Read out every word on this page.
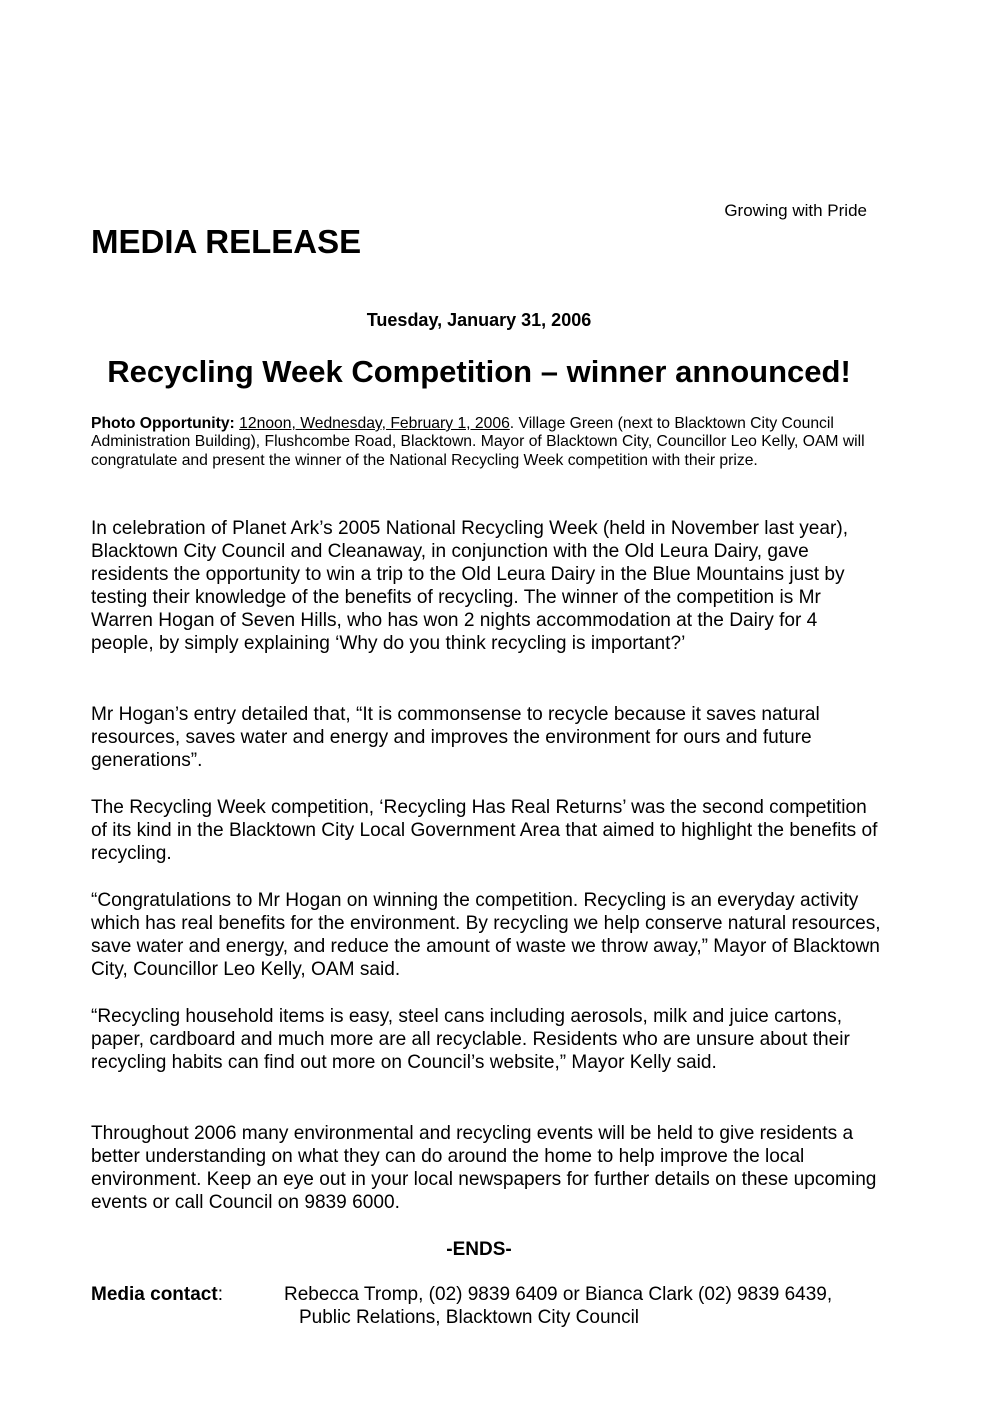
Growing with Pride
MEDIA RELEASE
Tuesday, January 31, 2006
Recycling Week Competition – winner announced!
Photo Opportunity: 12noon, Wednesday, February 1, 2006. Village Green (next to Blacktown City Council Administration Building), Flushcombe Road, Blacktown. Mayor of Blacktown City, Councillor Leo Kelly, OAM will congratulate and present the winner of the National Recycling Week competition with their prize.
In celebration of Planet Ark’s 2005 National Recycling Week (held in November last year), Blacktown City Council and Cleanaway, in conjunction with the Old Leura Dairy, gave residents the opportunity to win a trip to the Old Leura Dairy in the Blue Mountains just by testing their knowledge of the benefits of recycling. The winner of the competition is Mr Warren Hogan of Seven Hills, who has won 2 nights accommodation at the Dairy for 4 people, by simply explaining ‘Why do you think recycling is important?’
Mr Hogan’s entry detailed that, “It is commonsense to recycle because it saves natural resources, saves water and energy and improves the environment for ours and future generations”.
The Recycling Week competition, ‘Recycling Has Real Returns’ was the second competition of its kind in the Blacktown City Local Government Area that aimed to highlight the benefits of recycling.
“Congratulations to Mr Hogan on winning the competition. Recycling is an everyday activity which has real benefits for the environment. By recycling we help conserve natural resources, save water and energy, and reduce the amount of waste we throw away,” Mayor of Blacktown City, Councillor Leo Kelly, OAM said.
“Recycling household items is easy, steel cans including aerosols, milk and juice cartons, paper, cardboard and much more are all recyclable. Residents who are unsure about their recycling habits can find out more on Council’s website,” Mayor Kelly said.
Throughout 2006 many environmental and recycling events will be held to give residents a better understanding on what they can do around the home to help improve the local environment. Keep an eye out in your local newspapers for further details on these upcoming events or call Council on 9839 6000.
-ENDS-
Media contact:	Rebecca Tromp, (02) 9839 6409 or Bianca Clark (02) 9839 6439,
Public Relations, Blacktown City Council
